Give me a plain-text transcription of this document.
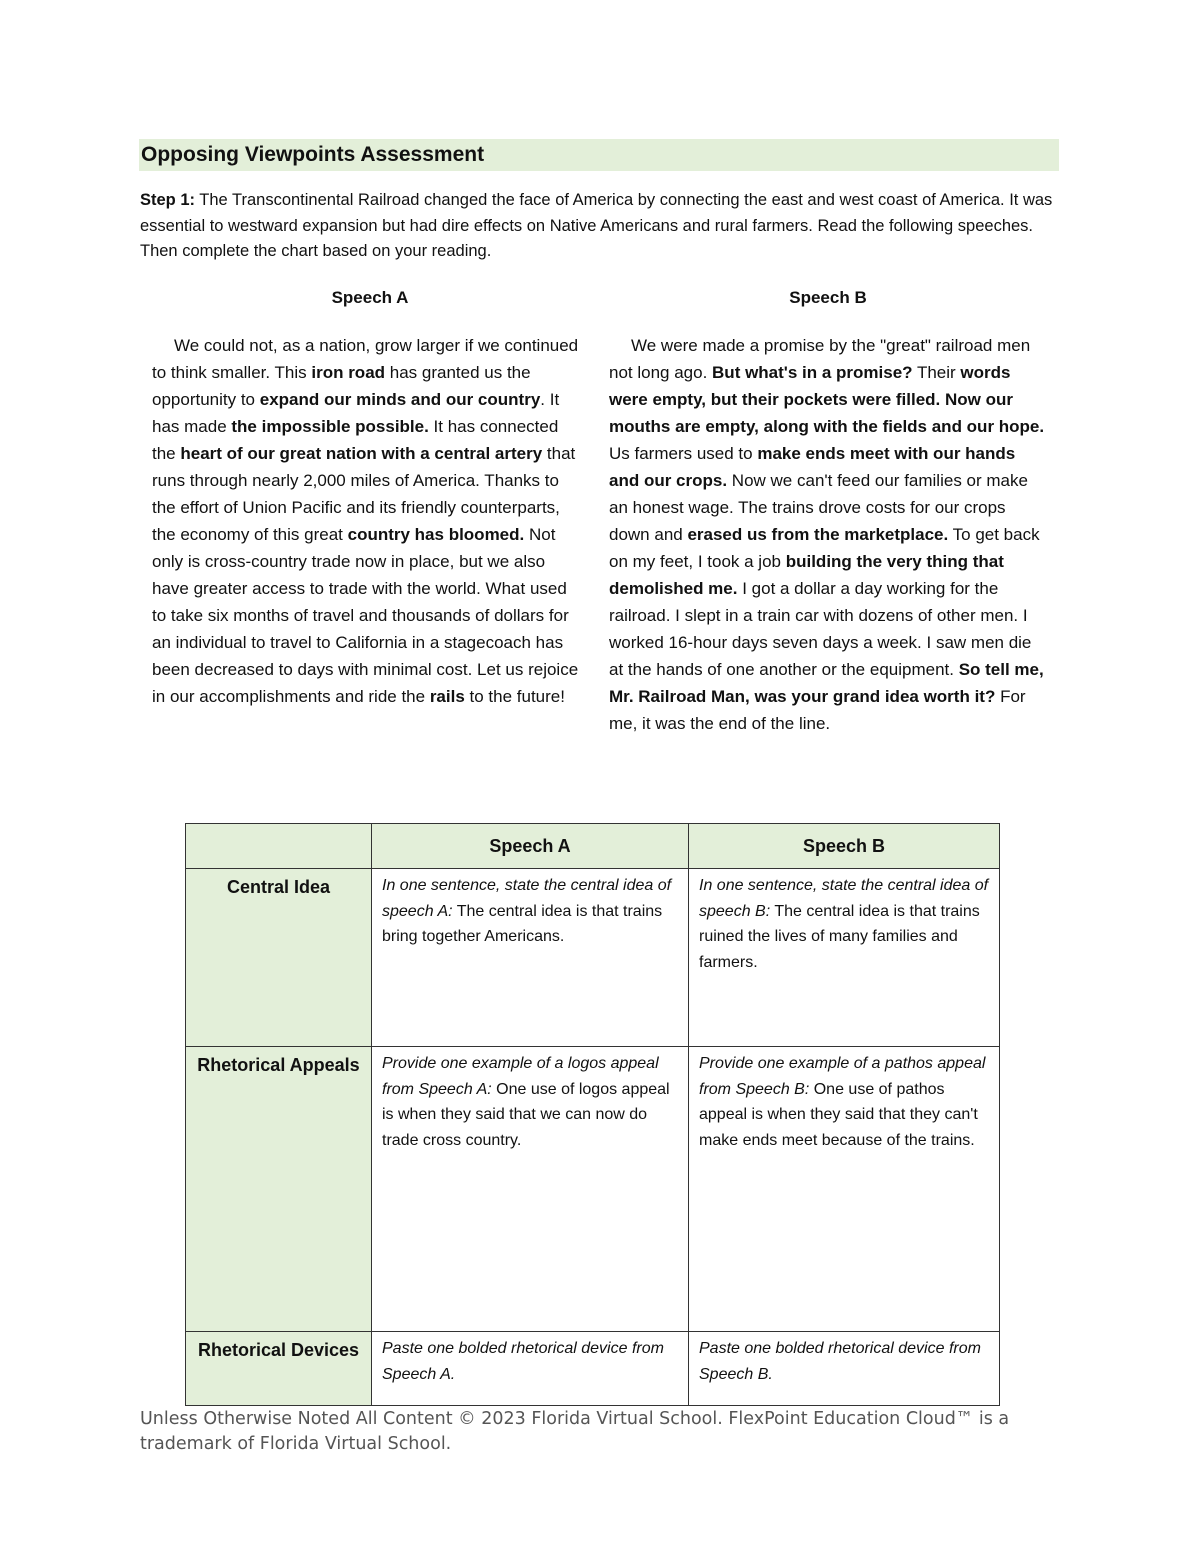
Opposing Viewpoints Assessment

Step 1: The Transcontinental Railroad changed the face of America by connecting the east and west coast of America. It was essential to westward expansion but had dire effects on Native Americans and rural farmers. Read the following speeches. Then complete the chart based on your reading.

Speech A	Speech B

We could not, as a nation, grow larger if we continued to think smaller. This iron road has granted us the opportunity to expand our minds and our country. It has made the impossible possible. It has connected the heart of our great nation with a central artery that runs through nearly 2,000 miles of America. Thanks to the effort of Union Pacific and its friendly counterparts, the economy of this great country has bloomed. Not only is cross-country trade now in place, but we also have greater access to trade with the world. What used to take six months of travel and thousands of dollars for an individual to travel to California in a stagecoach has been decreased to days with minimal cost. Let us rejoice in our accomplishments and ride the rails to the future!

We were made a promise by the "great" railroad men not long ago. But what's in a promise? Their words were empty, but their pockets were filled. Now our mouths are empty, along with the fields and our hope. Us farmers used to make ends meet with our hands and our crops. Now we can't feed our families or make an honest wage. The trains drove costs for our crops down and erased us from the marketplace. To get back on my feet, I took a job building the very thing that demolished me. I got a dollar a day working for the railroad. I slept in a train car with dozens of other men. I worked 16-hour days seven days a week. I saw men die at the hands of one another or the equipment. So tell me, Mr. Railroad Man, was your grand idea worth it? For me, it was the end of the line.

	Speech A	Speech B
Central Idea	In one sentence, state the central idea of speech A: The central idea is that trains bring together Americans.	In one sentence, state the central idea of speech B: The central idea is that trains ruined the lives of many families and farmers.
Rhetorical Appeals	Provide one example of a logos appeal from Speech A: One use of logos appeal is when they said that we can now do trade cross country.	Provide one example of a pathos appeal from Speech B: One use of pathos appeal is when they said that they can't make ends meet because of the trains.
Rhetorical Devices	Paste one bolded rhetorical device from Speech A.	Paste one bolded rhetorical device from Speech B.
Unless Otherwise Noted All Content © 2023 Florida Virtual School. FlexPoint Education Cloud™ is a trademark of Florida Virtual School.
